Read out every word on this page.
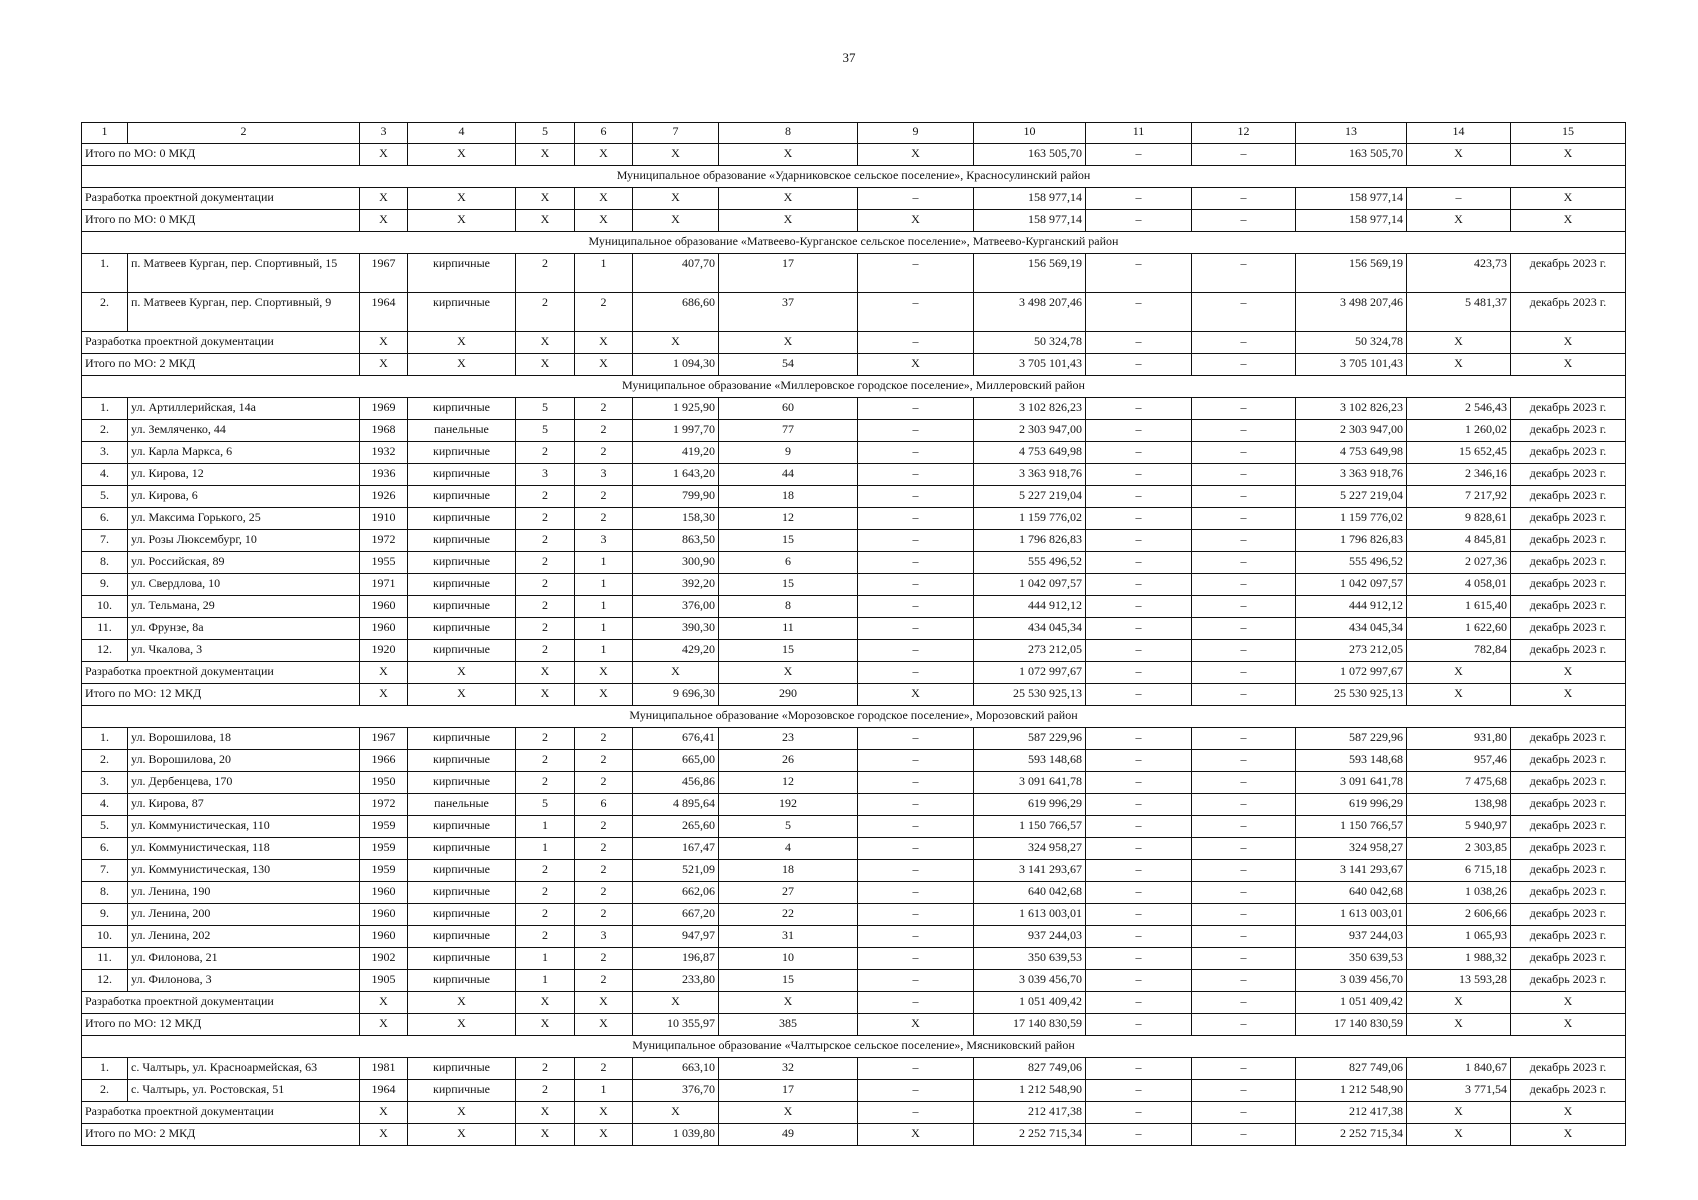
37
1	2	3	4	5	6	7	8	9	10	11	12	13	14	15
Итого по МО: 0 МКД		X	X	X	X	X	X	X	163 505,70	–	–	163 505,70	X	X
Муниципальное образование «Ударниковское сельское поселение», Красносулинский район														
Разработка проектной документации		X	X	X	X	X	X	–	158 977,14	–	–	158 977,14	–	X
Итого по МО: 0 МКД		X	X	X	X	X	X	X	158 977,14	–	–	158 977,14	X	X
Муниципальное образование «Матвеево-Курганское сельское поселение», Матвеево-Курганский район														
1.	п. Матвеев Курган, пер. Спортивный, 15	1967	кирпичные	2	1	407,70	17	–	156 569,19	–	–	156 569,19	423,73	декабрь 2023 г.
2.	п. Матвеев Курган, пер. Спортивный, 9	1964	кирпичные	2	2	686,60	37	–	3 498 207,46	–	–	3 498 207,46	5 481,37	декабрь 2023 г.
Разработка проектной документации		X	X	X	X	X	X	–	50 324,78	–	–	50 324,78	X	X
Итого по МО: 2 МКД		X	X	X	X	1 094,30	54	X	3 705 101,43	–	–	3 705 101,43	X	X
Муниципальное образование «Миллеровское городское поселение», Миллеровский район														
1.	ул. Артиллерийская, 14а	1969	кирпичные	5	2	1 925,90	60	–	3 102 826,23	–	–	3 102 826,23	2 546,43	декабрь 2023 г.
2.	ул. Земляченко, 44	1968	панельные	5	2	1 997,70	77	–	2 303 947,00	–	–	2 303 947,00	1 260,02	декабрь 2023 г.
3.	ул. Карла Маркса, 6	1932	кирпичные	2	2	419,20	9	–	4 753 649,98	–	–	4 753 649,98	15 652,45	декабрь 2023 г.
4.	ул. Кирова, 12	1936	кирпичные	3	3	1 643,20	44	–	3 363 918,76	–	–	3 363 918,76	2 346,16	декабрь 2023 г.
5.	ул. Кирова, 6	1926	кирпичные	2	2	799,90	18	–	5 227 219,04	–	–	5 227 219,04	7 217,92	декабрь 2023 г.
6.	ул. Максима Горького, 25	1910	кирпичные	2	2	158,30	12	–	1 159 776,02	–	–	1 159 776,02	9 828,61	декабрь 2023 г.
7.	ул. Розы Люксембург, 10	1972	кирпичные	2	3	863,50	15	–	1 796 826,83	–	–	1 796 826,83	4 845,81	декабрь 2023 г.
8.	ул. Российская, 89	1955	кирпичные	2	1	300,90	6	–	555 496,52	–	–	555 496,52	2 027,36	декабрь 2023 г.
9.	ул. Свердлова, 10	1971	кирпичные	2	1	392,20	15	–	1 042 097,57	–	–	1 042 097,57	4 058,01	декабрь 2023 г.
10.	ул. Тельмана, 29	1960	кирпичные	2	1	376,00	8	–	444 912,12	–	–	444 912,12	1 615,40	декабрь 2023 г.
11.	ул. Фрунзе, 8а	1960	кирпичные	2	1	390,30	11	–	434 045,34	–	–	434 045,34	1 622,60	декабрь 2023 г.
12.	ул. Чкалова, 3	1920	кирпичные	2	1	429,20	15	–	273 212,05	–	–	273 212,05	782,84	декабрь 2023 г.
Разработка проектной документации		X	X	X	X	X	X	–	1 072 997,67	–	–	1 072 997,67	X	X
Итого по МО: 12 МКД		X	X	X	X	9 696,30	290	X	25 530 925,13	–	–	25 530 925,13	X	X
Муниципальное образование «Морозовское городское поселение», Морозовский район														
1.	ул. Ворошилова, 18	1967	кирпичные	2	2	676,41	23	–	587 229,96	–	–	587 229,96	931,80	декабрь 2023 г.
2.	ул. Ворошилова, 20	1966	кирпичные	2	2	665,00	26	–	593 148,68	–	–	593 148,68	957,46	декабрь 2023 г.
3.	ул. Дербенцева, 170	1950	кирпичные	2	2	456,86	12	–	3 091 641,78	–	–	3 091 641,78	7 475,68	декабрь 2023 г.
4.	ул. Кирова, 87	1972	панельные	5	6	4 895,64	192	–	619 996,29	–	–	619 996,29	138,98	декабрь 2023 г.
5.	ул. Коммунистическая, 110	1959	кирпичные	1	2	265,60	5	–	1 150 766,57	–	–	1 150 766,57	5 940,97	декабрь 2023 г.
6.	ул. Коммунистическая, 118	1959	кирпичные	1	2	167,47	4	–	324 958,27	–	–	324 958,27	2 303,85	декабрь 2023 г.
7.	ул. Коммунистическая, 130	1959	кирпичные	2	2	521,09	18	–	3 141 293,67	–	–	3 141 293,67	6 715,18	декабрь 2023 г.
8.	ул. Ленина, 190	1960	кирпичные	2	2	662,06	27	–	640 042,68	–	–	640 042,68	1 038,26	декабрь 2023 г.
9.	ул. Ленина, 200	1960	кирпичные	2	2	667,20	22	–	1 613 003,01	–	–	1 613 003,01	2 606,66	декабрь 2023 г.
10.	ул. Ленина, 202	1960	кирпичные	2	3	947,97	31	–	937 244,03	–	–	937 244,03	1 065,93	декабрь 2023 г.
11.	ул. Филонова, 21	1902	кирпичные	1	2	196,87	10	–	350 639,53	–	–	350 639,53	1 988,32	декабрь 2023 г.
12.	ул. Филонова, 3	1905	кирпичные	1	2	233,80	15	–	3 039 456,70	–	–	3 039 456,70	13 593,28	декабрь 2023 г.
Разработка проектной документации		X	X	X	X	X	X	–	1 051 409,42	–	–	1 051 409,42	X	X
Итого по МО: 12 МКД		X	X	X	X	10 355,97	385	X	17 140 830,59	–	–	17 140 830,59	X	X
Муниципальное образование «Чалтырское сельское поселение», Мясниковский район														
1.	с. Чалтырь, ул. Красноармейская, 63	1981	кирпичные	2	2	663,10	32	–	827 749,06	–	–	827 749,06	1 840,67	декабрь 2023 г.
2.	с. Чалтырь, ул. Ростовская, 51	1964	кирпичные	2	1	376,70	17	–	1 212 548,90	–	–	1 212 548,90	3 771,54	декабрь 2023 г.
Разработка проектной документации		X	X	X	X	X	X	–	212 417,38	–	–	212 417,38	X	X
Итого по МО: 2 МКД		X	X	X	X	1 039,80	49	X	2 252 715,34	–	–	2 252 715,34	X	X
